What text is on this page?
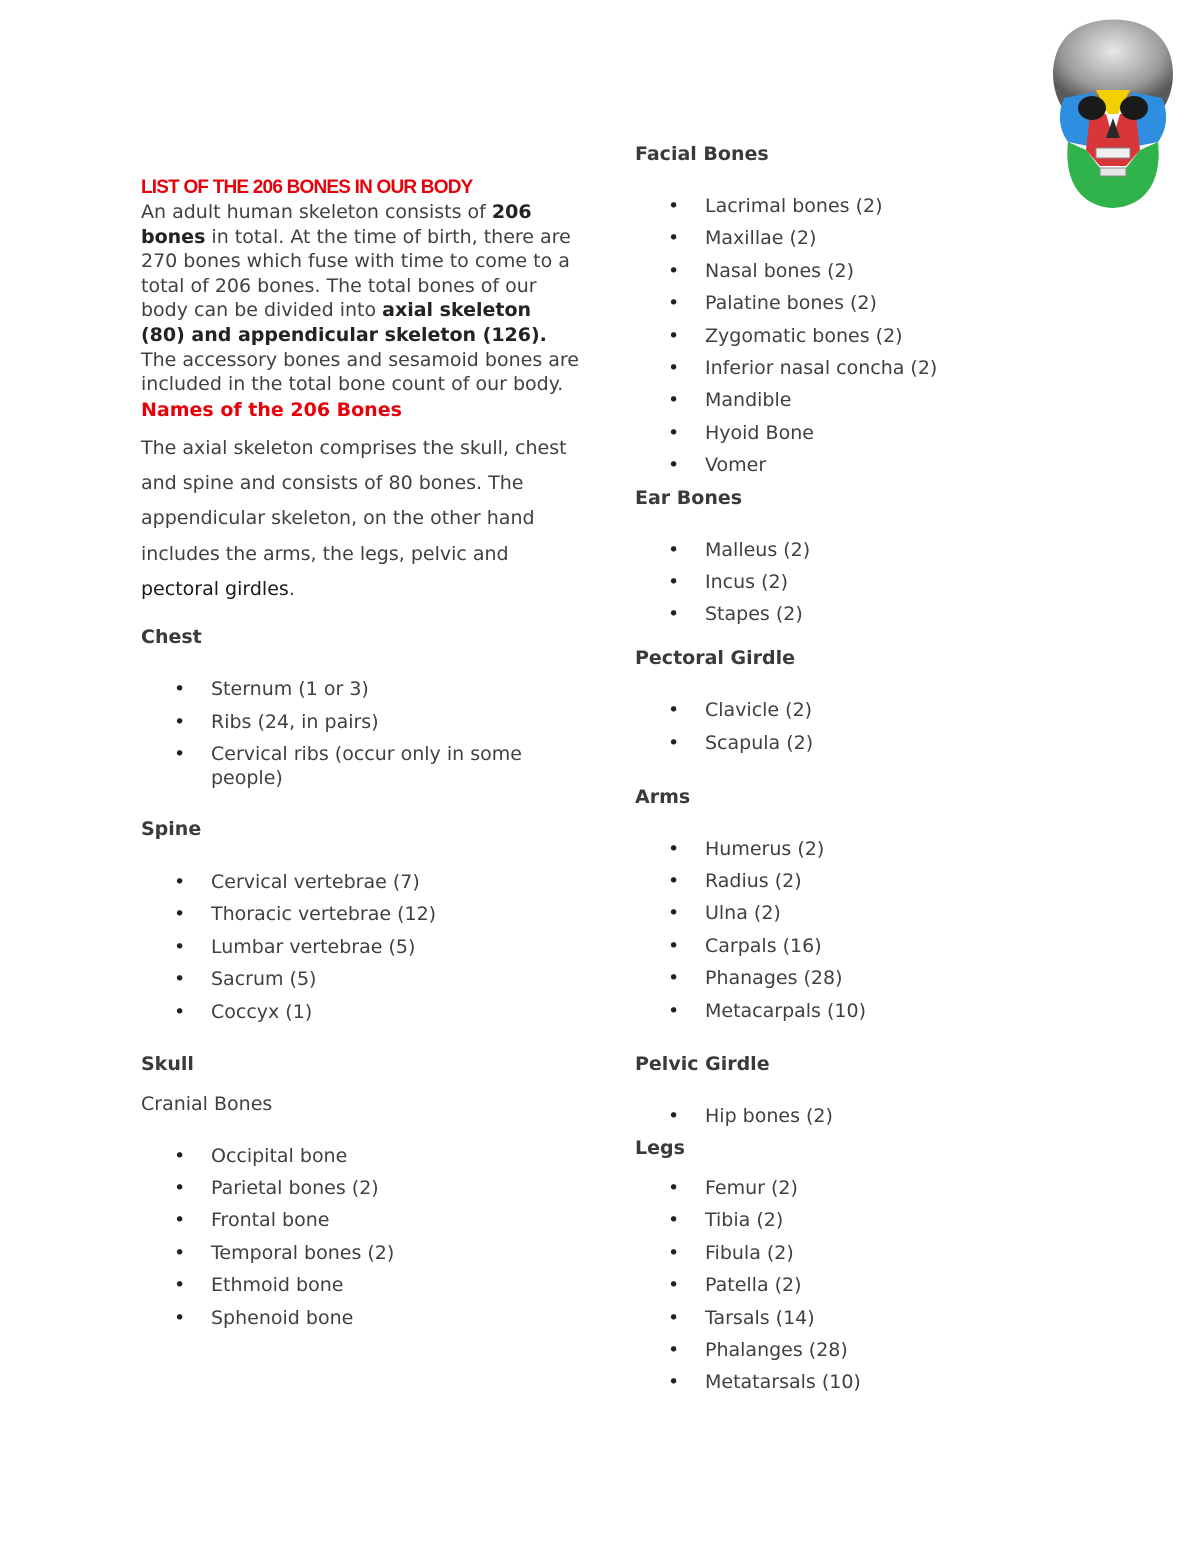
LIST OF THE 206 BONES IN OUR BODY

An adult human skeleton consists of 206 bones in total. At the time of birth, there are 270 bones which fuse with time to come to a total of 206 bones. The total bones of our body can be divided into axial skeleton (80) and appendicular skeleton (126). The accessory bones and sesamoid bones are included in the total bone count of our body.

Names of the 206 Bones

The axial skeleton comprises the skull, chest and spine and consists of 80 bones. The appendicular skeleton, on the other hand includes the arms, the legs, pelvic and pectoral girdles.

Chest
• Sternum (1 or 3)
• Ribs (24, in pairs)
• Cervical ribs (occur only in some people)
Spine
• Cervical vertebrae (7)
• Thoracic vertebrae (12)
• Lumbar vertebrae (5)
• Sacrum (5)
• Coccyx (1)
Skull

Cranial Bones

• Occipital bone
• Parietal bones (2)
• Frontal bone
• Temporal bones (2)
• Ethmoid bone
• Sphenoid bone
Facial Bones
• Lacrimal bones (2)
• Maxillae (2)
• Nasal bones (2)
• Palatine bones (2)
• Zygomatic bones (2)
• Inferior nasal concha (2)
• Mandible
• Hyoid Bone
• Vomer
Ear Bones
• Malleus (2)
• Incus (2)
• Stapes (2)
Pectoral Girdle
• Clavicle (2)
• Scapula (2)
Arms
• Humerus (2)
• Radius (2)
• Ulna (2)
• Carpals (16)
• Phanages (28)
• Metacarpals (10)
Pelvic Girdle
• Hip bones (2)
Legs
• Femur (2)
• Tibia (2)
• Fibula (2)
• Patella (2)
• Tarsals (14)
• Phalanges (28)
• Metatarsals (10)
